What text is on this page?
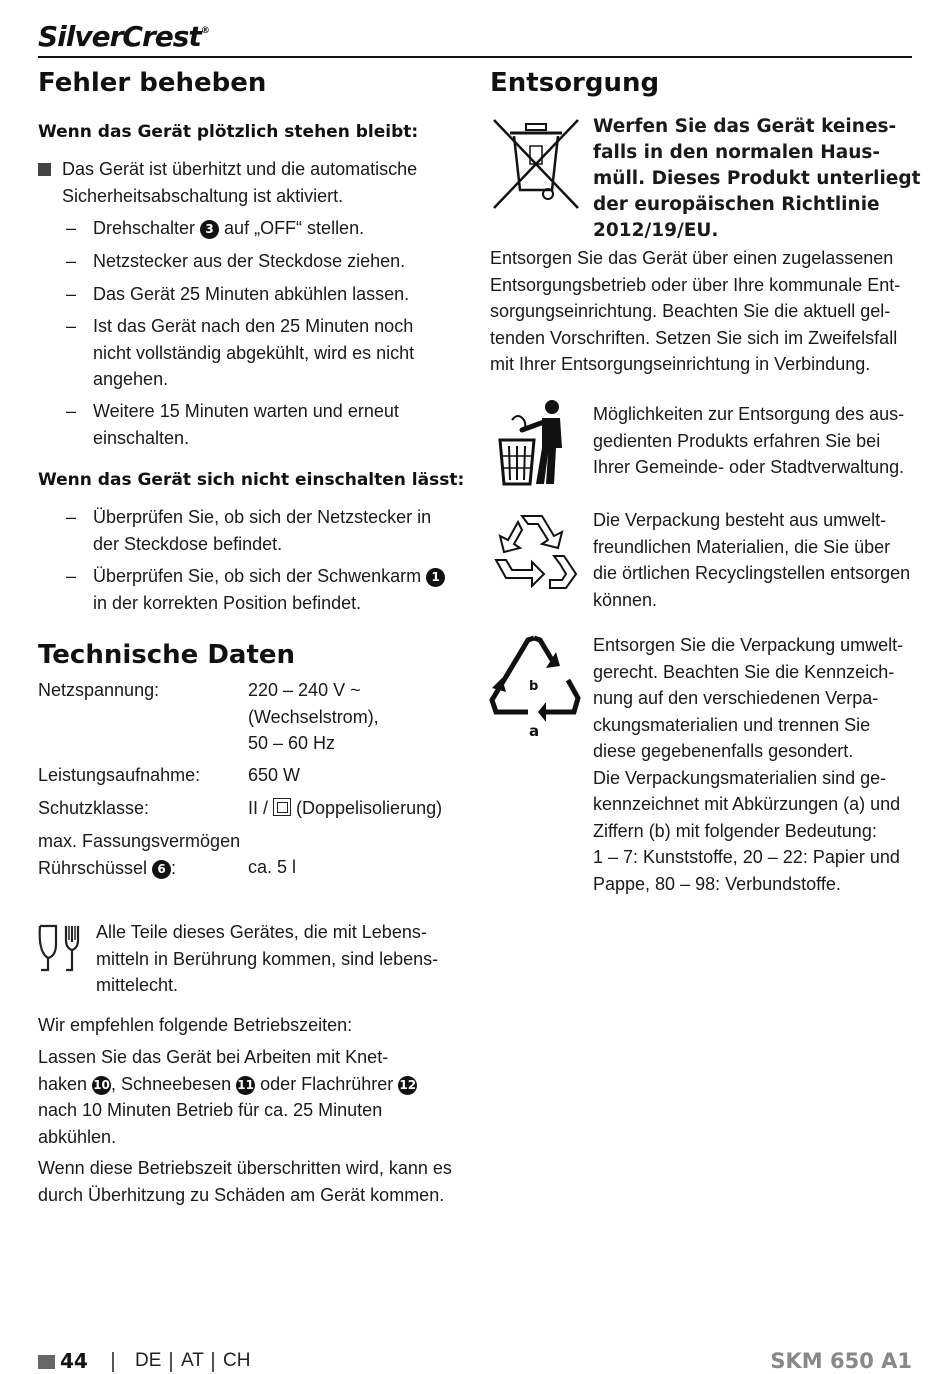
SilverCrest®
Fehler beheben
Wenn das Gerät plötzlich stehen bleibt:
Das Gerät ist überhitzt und die automatische
Sicherheitsabschaltung ist aktiviert.
– Drehschalter 3 auf „OFF“ stellen.
– Netzstecker aus der Steckdose ziehen.
– Das Gerät 25 Minuten abkühlen lassen.
– Ist das Gerät nach den 25 Minuten noch
nicht vollständig abgekühlt, wird es nicht
angehen.
– Weitere 15 Minuten warten und erneut
einschalten.
Wenn das Gerät sich nicht einschalten lässt:
– Überprüfen Sie, ob sich der Netzstecker in
der Steckdose befindet.
– Überprüfen Sie, ob sich der Schwenkarm 1
in der korrekten Position befindet.
Technische Daten
Netzspannung:	220 – 240 V ~
(Wechselstrom),
50 – 60 Hz
Leistungsaufnahme:	650 W
Schutzklasse:	II /  (Doppelisolierung)
max. Fassungsvermögen
Rührschüssel 6 :	ca. 5 l
Alle Teile dieses Gerätes, die mit Lebens-
mitteln in Berührung kommen, sind lebens-
mittelecht.
Wir empfehlen folgende Betriebszeiten:
Lassen Sie das Gerät bei Arbeiten mit Knet-
haken 10, Schneebesen 11 oder Flachrührer 12
nach 10 Minuten Betrieb für ca. 25 Minuten
abkühlen.
Wenn diese Betriebszeit überschritten wird, kann es
durch Überhitzung zu Schäden am Gerät kommen.
Entsorgung
Werfen Sie das Gerät keines-
falls in den normalen Haus-
müll. Dieses Produkt unterliegt
der europäischen Richtlinie
2012/19/EU.
Entsorgen Sie das Gerät über einen zugelassenen
Entsorgungsbetrieb oder über Ihre kommunale Ent-
sorgungseinrichtung. Beachten Sie die aktuell gel-
tenden Vorschriften. Setzen Sie sich im Zweifelsfall
mit Ihrer Entsorgungseinrichtung in Verbindung.
Möglichkeiten zur Entsorgung des aus-
gedienten Produkts erfahren Sie bei
Ihrer Gemeinde- oder Stadtverwaltung.
Die Verpackung besteht aus umwelt-
freundlichen Materialien, die Sie über
die örtlichen Recyclingstellen entsorgen
können.
b
a
Entsorgen Sie die Verpackung umwelt-
gerecht. Beachten Sie die Kennzeich-
nung auf den verschiedenen Verpa-
ckungsmaterialien und trennen Sie
diese gegebenenfalls gesondert.
Die Verpackungsmaterialien sind ge-
kennzeichnet mit Abkürzungen (a) und
Ziffern (b) mit folgender Bedeutung:
1 – 7: Kunststoffe, 20 – 22: Papier und
Pappe, 80 – 98: Verbundstoffe.
44 DE AT CH	SKM 650 A1
